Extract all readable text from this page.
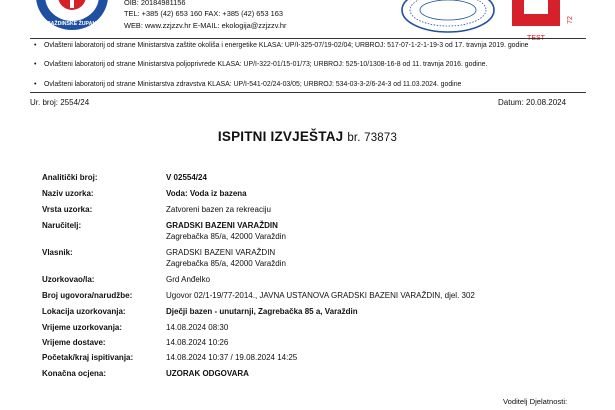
VARAŽDINSKE ŽUPANIJE
OIB: 20184981156
TEL: +385 (42) 653 160 FAX: +385 (42) 653 163
WEB: www.zzjzzv.hr E-MAIL: ekologija@zzjzzv.hr
TEST
72
•	Ovlašteni laboratorij od strane Ministarstva zaštite okoliša i energetike KLASA: UP/I-325-07/19-02/04; URBROJ: 517-07-1-2-1-19-3 od 17. travnja 2019. godine
•	Ovlašteni laboratorij od strane Ministarstva poljoprivrede KLASA: UP/I-322-01/15-01/73; URBROJ: 525-10/1308-16-8 od 11. travnja 2016. godine.
•	Ovlašteni laboratorij od strane Ministarstva zdravstva KLASA: UP/I-541-02/24-03/05; URBROJ: 534-03-3-2/6-24-3 od 11.03.2024. godine
Ur. broj: 2554/24	Datum: 20.08.2024
ISPITNI IZVJEŠTAJ br. 73873
Analitički broj:	V 02554/24
Naziv uzorka:	Voda: Voda iz bazena
Vrsta uzorka:	Zatvoreni bazen za rekreaciju
Naručitelj:	GRADSKI BAZENI VARAŽDIN
Zagrebačka 85/a, 42000 Varaždin
Vlasnik:	GRADSKI BAZENI VARAŽDIN
Zagrebačka 85/a, 42000 Varaždin
Uzorkovao/la:	Grd Anđelko
Broj ugovora/narudžbe:	Ugovor 02/1-19/77-2014., JAVNA USTANOVA GRADSKI BAZENI VARAŽDIN, djel. 302
Lokacija uzorkovanja:	Dječji bazen - unutarnji, Zagrebačka 85 a, Varaždin
Vrijeme uzorkovanja:	14.08.2024 08:30
Vrijeme dostave:	14.08.2024 10:26
Početak/kraj ispitivanja:	14.08.2024 10:37 / 19.08.2024 14:25
Konačna ocjena:	UZORAK ODGOVARA
Voditelj Djelatnosti:
